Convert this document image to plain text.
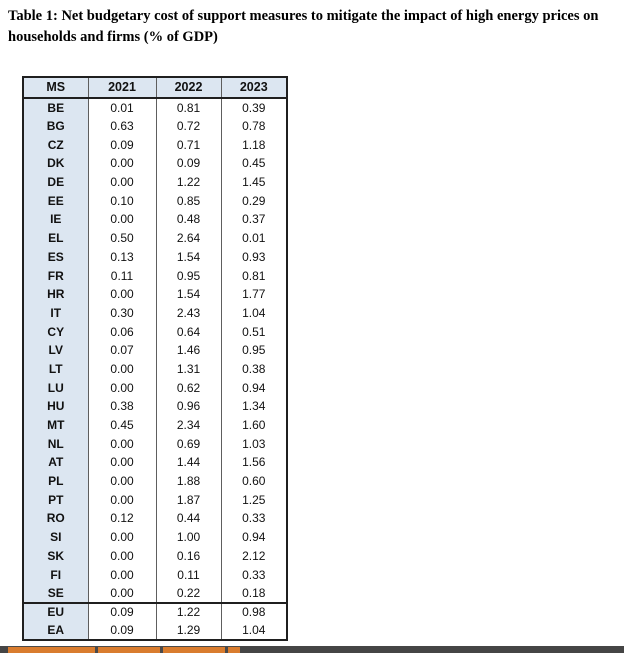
Table 1: Net budgetary cost of support measures to mitigate the impact of high energy prices on
households and firms (% of GDP)
MS	2021	2022	2023
BE	0.01	0.81	0.39
BG	0.63	0.72	0.78
CZ	0.09	0.71	1.18
DK	0.00	0.09	0.45
DE	0.00	1.22	1.45
EE	0.10	0.85	0.29
IE	0.00	0.48	0.37
EL	0.50	2.64	0.01
ES	0.13	1.54	0.93
FR	0.11	0.95	0.81
HR	0.00	1.54	1.77
IT	0.30	2.43	1.04
CY	0.06	0.64	0.51
LV	0.07	1.46	0.95
LT	0.00	1.31	0.38
LU	0.00	0.62	0.94
HU	0.38	0.96	1.34
MT	0.45	2.34	1.60
NL	0.00	0.69	1.03
AT	0.00	1.44	1.56
PL	0.00	1.88	0.60
PT	0.00	1.87	1.25
RO	0.12	0.44	0.33
SI	0.00	1.00	0.94
SK	0.00	0.16	2.12
FI	0.00	0.11	0.33
SE	0.00	0.22	0.18
EU	0.09	1.22	0.98
EA	0.09	1.29	1.04
